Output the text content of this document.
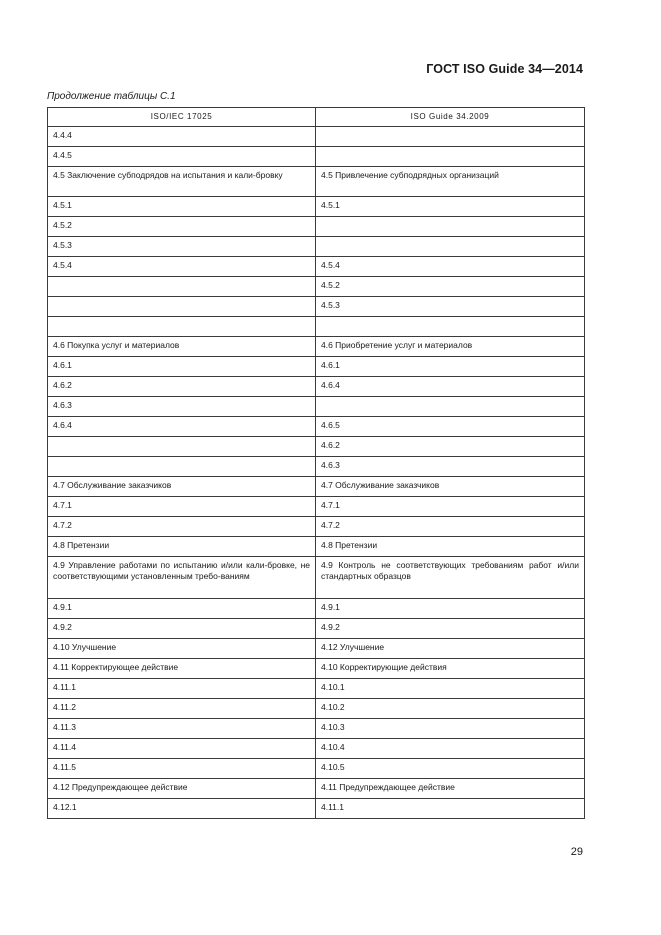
ГОСТ ISO Guide 34—2014
Продолжение таблицы С.1
ISO/IEC 17025	ISO Guide 34.2009
4.4.4	
4.4.5	
4.5 Заключение субподрядов на испытания и кали-бровку	4.5 Привлечение субподрядных организаций
4.5.1	4.5.1
4.5.2	
4.5.3	
4.5.4	4.5.4
	4.5.2
	4.5.3

4.6 Покупка услуг и материалов	4.6 Приобретение услуг и материалов
4.6.1	4.6.1
4.6.2	4.6.4
4.6.3	
4.6.4	4.6.5
	4.6.2
	4.6.3
4.7 Обслуживание заказчиков	4.7 Обслуживание заказчиков
4.7.1	4.7.1
4.7.2	4.7.2
4.8 Претензии	4.8 Претензии
4.9 Управление работами по испытанию и/или кали-бровке, не соответствующими установленным требо-ваниям	4.9 Контроль не соответствующих требованиям работ и/или стандартных образцов
4.9.1	4.9.1
4.9.2	4.9.2
4.10 Улучшение	4.12 Улучшение
4.11 Корректирующее действие	4.10 Корректирующие действия
4.11.1	4.10.1
4.11.2	4.10.2
4.11.3	4.10.3
4.11.4	4.10.4
4.11.5	4.10.5
4.12 Предупреждающее действие	4.11 Предупреждающее действие
4.12.1	4.11.1
29
